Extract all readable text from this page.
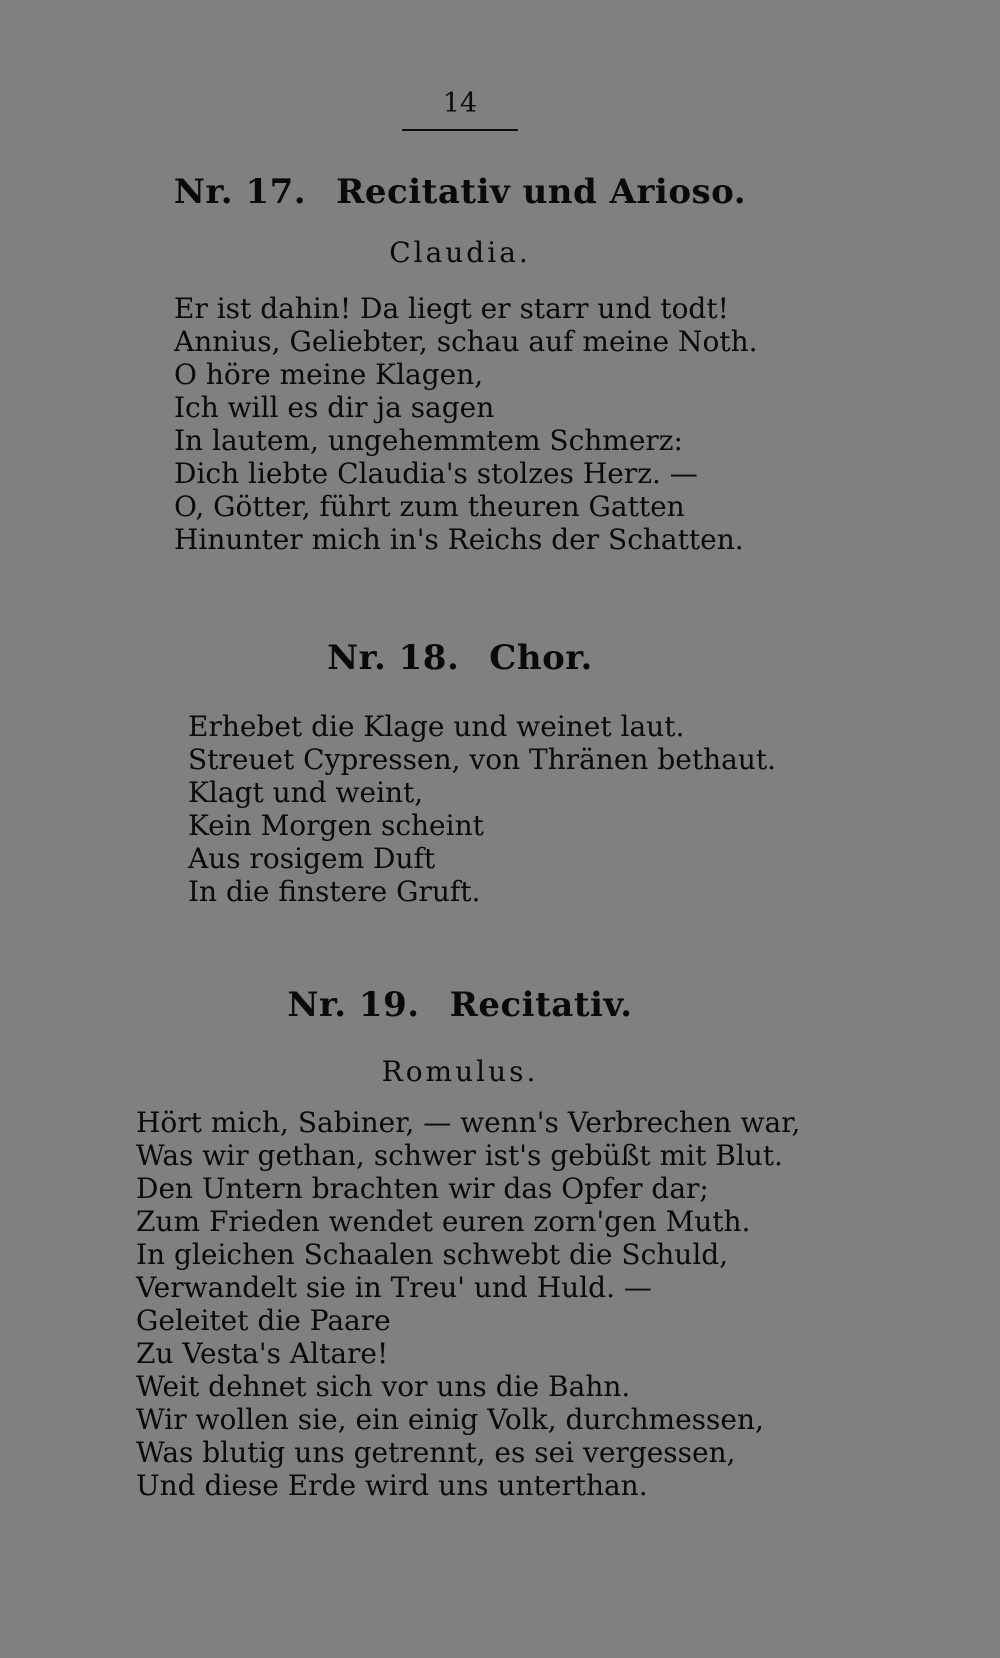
14
Nr. 17. Recitativ und Arioso.
Claudia.
Er ist dahin! Da liegt er starr und todt!
Annius, Geliebter, schau auf meine Noth.
O höre meine Klagen,
Ich will es dir ja sagen
In lautem, ungehemmtem Schmerz:
Dich liebte Claudia's stolzes Herz. —
O, Götter, führt zum theuren Gatten
Hinunter mich in's Reichs der Schatten.
Nr. 18. Chor.
Erhebet die Klage und weinet laut.
Streuet Cypressen, von Thränen bethaut.
Klagt und weint,
Kein Morgen scheint
Aus rosigem Duft
In die finstere Gruft.
Nr. 19. Recitativ.
Romulus.
Hört mich, Sabiner, — wenn's Verbrechen war,
Was wir gethan, schwer ist's gebüßt mit Blut.
Den Untern brachten wir das Opfer dar;
Zum Frieden wendet euren zorn'gen Muth.
In gleichen Schaalen schwebt die Schuld,
Verwandelt sie in Treu' und Huld. —
Geleitet die Paare
Zu Vesta's Altare!
Weit dehnet sich vor uns die Bahn.
Wir wollen sie, ein einig Volk, durchmessen,
Was blutig uns getrennt, es sei vergessen,
Und diese Erde wird uns unterthan.
